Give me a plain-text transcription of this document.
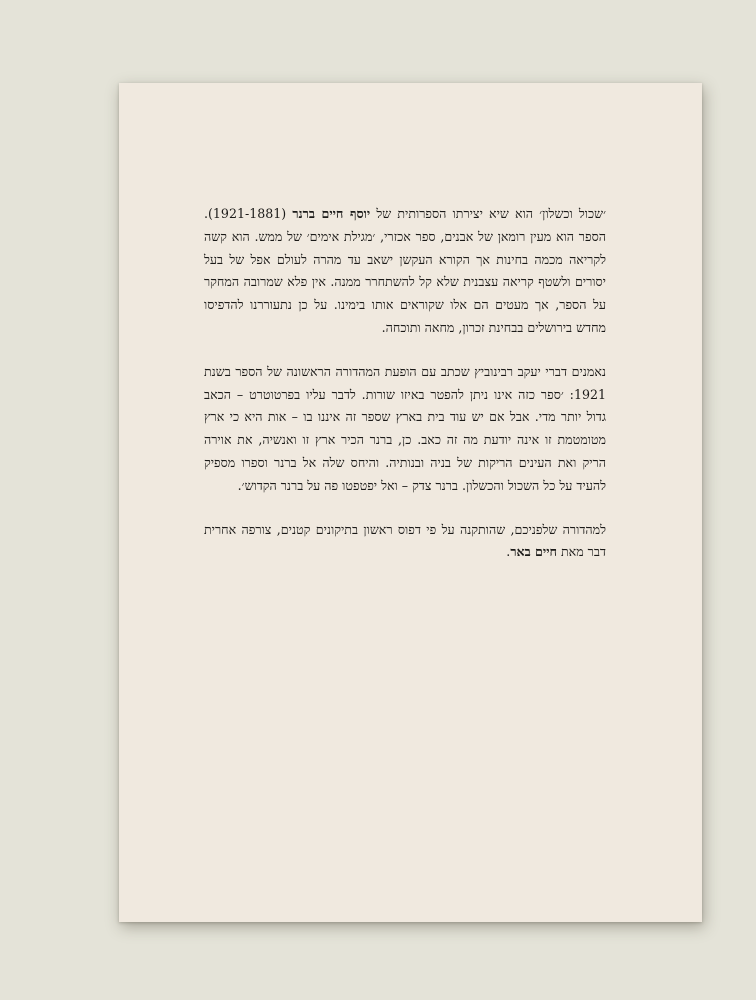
׳שכול וכשלון׳ הוא שיא יצירתו הספרותית של יוסף חיים ברנר (1921-1881). הספר הוא מעין רומאן של אבנים, ספר אכזרי, ׳מגילת אימים׳ של ממש. הוא קשה לקריאה מכמה בחינות אך הקורא העקשן ישאב עד מהרה לעולם אפל של בעל יסורים ולשטף קריאה עצבנית שלא קל להשתחרר ממנה. אין פלא שמרובה המחקר על הספר, אך מעטים הם אלו שקוראים אותו בימינו. על כן נתעוררנו להדפיסו מחדש בירושלים בבחינת זכרון, מחאה ותוכחה.

נאמנים דברי יעקב רבינוביץ שכתב עם הופעת המהדורה הראשונה של הספר בשנת 1921: ׳ספר כזה אינו ניתן להפטר באיזו שורות. לדבר עליו בפרטוטרט – הכאב גדול יותר מדי. אבל אם יש עוד בית בארץ שספר זה איננו בו – אות היא כי ארץ מטומטמת זו אינה יודעת מה זה כאב. כן, ברנר הכיר ארץ זו ואנשיה, את אוירה הריק ואת העינים הריקות של בניה ובנותיה. והיחס שלה אל ברנר וספרו מספיק להעיד על כל השכול והכשלון. ברנר צדק – ואל יפטפטו פה על ברנר הקדוש׳.

למהדורה שלפניכם, שהותקנה על פי דפוס ראשון בתיקונים קטנים, צורפה אחרית דבר מאת חיים באר.
